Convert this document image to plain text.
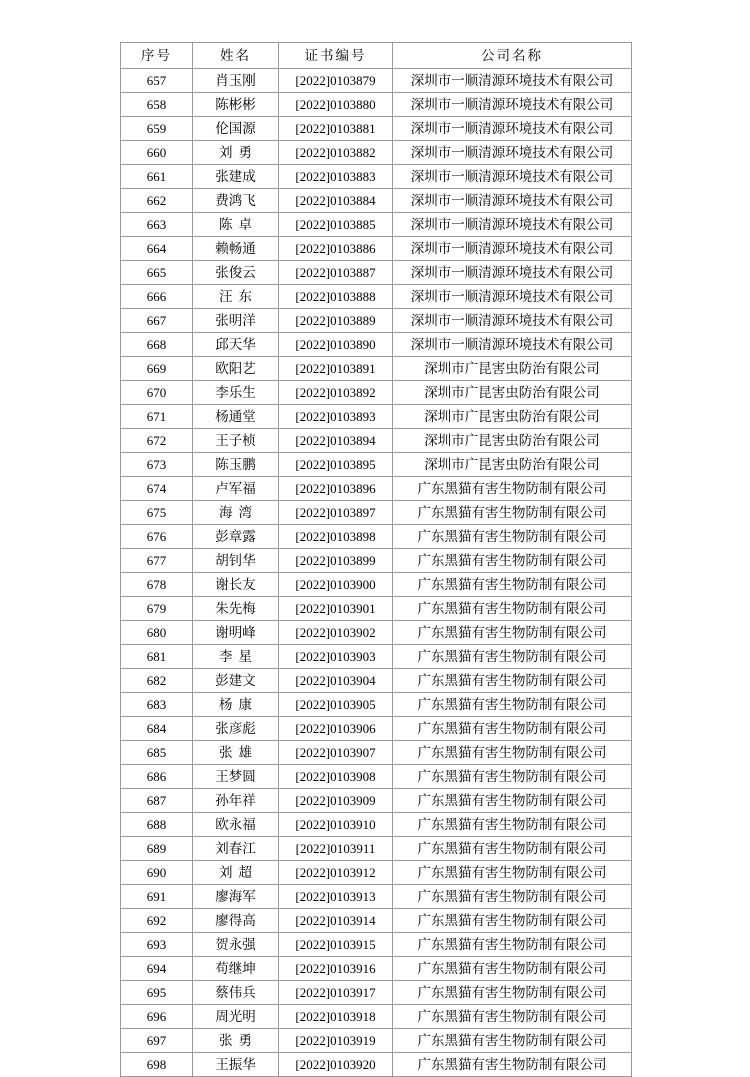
序号	姓名	证书编号	公司名称
657	肖玉刚	[2022]0103879	深圳市一顺清源环境技术有限公司
658	陈彬彬	[2022]0103880	深圳市一顺清源环境技术有限公司
659	伦国源	[2022]0103881	深圳市一顺清源环境技术有限公司
660	刘勇	[2022]0103882	深圳市一顺清源环境技术有限公司
661	张建成	[2022]0103883	深圳市一顺清源环境技术有限公司
662	费鸿飞	[2022]0103884	深圳市一顺清源环境技术有限公司
663	陈卓	[2022]0103885	深圳市一顺清源环境技术有限公司
664	赖畅通	[2022]0103886	深圳市一顺清源环境技术有限公司
665	张俊云	[2022]0103887	深圳市一顺清源环境技术有限公司
666	汪东	[2022]0103888	深圳市一顺清源环境技术有限公司
667	张明洋	[2022]0103889	深圳市一顺清源环境技术有限公司
668	邱天华	[2022]0103890	深圳市一顺清源环境技术有限公司
669	欧阳艺	[2022]0103891	深圳市广昆害虫防治有限公司
670	李乐生	[2022]0103892	深圳市广昆害虫防治有限公司
671	杨通堂	[2022]0103893	深圳市广昆害虫防治有限公司
672	王子桢	[2022]0103894	深圳市广昆害虫防治有限公司
673	陈玉鹏	[2022]0103895	深圳市广昆害虫防治有限公司
674	卢军福	[2022]0103896	广东黑猫有害生物防制有限公司
675	海湾	[2022]0103897	广东黑猫有害生物防制有限公司
676	彭章露	[2022]0103898	广东黑猫有害生物防制有限公司
677	胡钊华	[2022]0103899	广东黑猫有害生物防制有限公司
678	谢长友	[2022]0103900	广东黑猫有害生物防制有限公司
679	朱先梅	[2022]0103901	广东黑猫有害生物防制有限公司
680	谢明峰	[2022]0103902	广东黑猫有害生物防制有限公司
681	李星	[2022]0103903	广东黑猫有害生物防制有限公司
682	彭建文	[2022]0103904	广东黑猫有害生物防制有限公司
683	杨康	[2022]0103905	广东黑猫有害生物防制有限公司
684	张彦彪	[2022]0103906	广东黑猫有害生物防制有限公司
685	张雄	[2022]0103907	广东黑猫有害生物防制有限公司
686	王梦圆	[2022]0103908	广东黑猫有害生物防制有限公司
687	孙年祥	[2022]0103909	广东黑猫有害生物防制有限公司
688	欧永福	[2022]0103910	广东黑猫有害生物防制有限公司
689	刘春江	[2022]0103911	广东黑猫有害生物防制有限公司
690	刘超	[2022]0103912	广东黑猫有害生物防制有限公司
691	廖海军	[2022]0103913	广东黑猫有害生物防制有限公司
692	廖得高	[2022]0103914	广东黑猫有害生物防制有限公司
693	贺永强	[2022]0103915	广东黑猫有害生物防制有限公司
694	苟继坤	[2022]0103916	广东黑猫有害生物防制有限公司
695	蔡伟兵	[2022]0103917	广东黑猫有害生物防制有限公司
696	周光明	[2022]0103918	广东黑猫有害生物防制有限公司
697	张勇	[2022]0103919	广东黑猫有害生物防制有限公司
698	王振华	[2022]0103920	广东黑猫有害生物防制有限公司
